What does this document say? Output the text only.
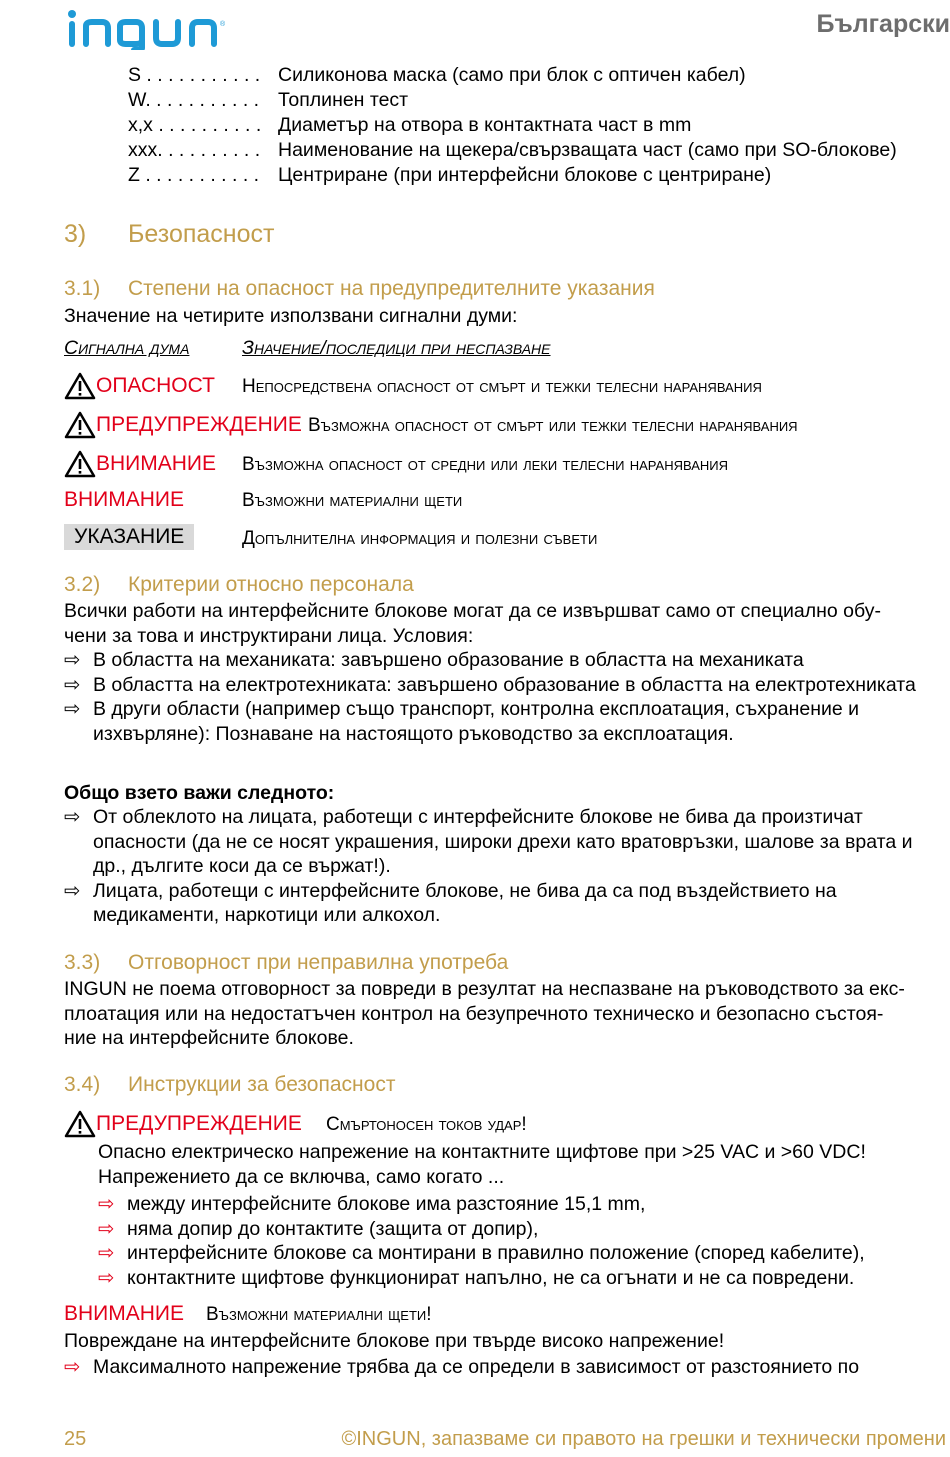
®	Български
S . . . . . . . . . . . Силиконова маска (само при блок с оптичен кабел)
W. . . . . . . . . . . Топлинен тест
x,x . . . . . . . . . . Диаметър на отвора в контактната част в mm
xxx. . . . . . . . . . Наименование на щекера/свързващата част (само при SO-блокове)
Z . . . . . . . . . . . Центриране (при интерфейсни блокове с центриране)
3) Безопасност
3.1) Степени на опасност на предупредителните указания
Значение на четирите използвани сигнални думи:
Сигнална дума	Значение/последици при неспазване
ОПАСНОСТ Непосредствена опасност от смърт и тежки телесни наранявания
ПРЕДУПРЕЖДЕНИЕ Възможна опасност от смърт или тежки телесни наранявания
ВНИМАНИЕ Възможна опасност от средни или леки телесни наранявания
ВНИМАНИЕ	Възможни материални щети
УКАЗАНИЕ	Допълнителна информация и полезни съвети
3.2) Критерии относно персонала
Всички работи на интерфейсните блокове могат да се извършват само от специално обу-
чени за това и инструктирани лица. Условия:
⇨ В областта на механиката: завършено образование в областта на механиката
⇨ В областта на електротехниката: завършено образование в областта на електротехниката
⇨ В други области (например също транспорт, контролна експлоатация, съхранение и изхвърляне): Познаване на настоящото ръководство за експлоатация.
Общо взето важи следното:
⇨ От облеклото на лицата, работещи с интерфейсните блокове не бива да произтичат опасности (да не се носят украшения, широки дрехи като вратовръзки, шалове за врата и др., дългите коси да се вържат!).
⇨ Лицата, работещи с интерфейсните блокове, не бива да са под въздействието на медикаменти, наркотици или алкохол.
3.3) Отговорност при неправилна употреба
INGUN не поема отговорност за повреди в резултат на неспазване на ръководството за екс-
плоатация или на недостатъчен контрол на безупречното техническо и безопасно състоя-
ние на интерфейсните блокове.
3.4) Инструкции за безопасност
ПРЕДУПРЕЖДЕНИЕ Смъртоносен токов удар!
Опасно електрическо напрежение на контактните щифтове при >25 VAC и >60 VDC!
Напрежението да се включва, само когато ...
⇨ между интерфейсните блокове има разстояние 15,1 mm,
⇨ няма допир до контактите (защита от допир),
⇨ интерфейсните блокове са монтирани в правилно положение (според кабелите),
⇨ контактните щифтове функционират напълно, не са огънати и не са повредени.
ВНИМАНИЕ Възможни материални щети!
Повреждане на интерфейсните блокове при твърде високо напрежение!
⇨ Максималното напрежение трябва да се определи в зависимост от разстоянието по
25	©INGUN, запазваме си правото на грешки и технически промени
